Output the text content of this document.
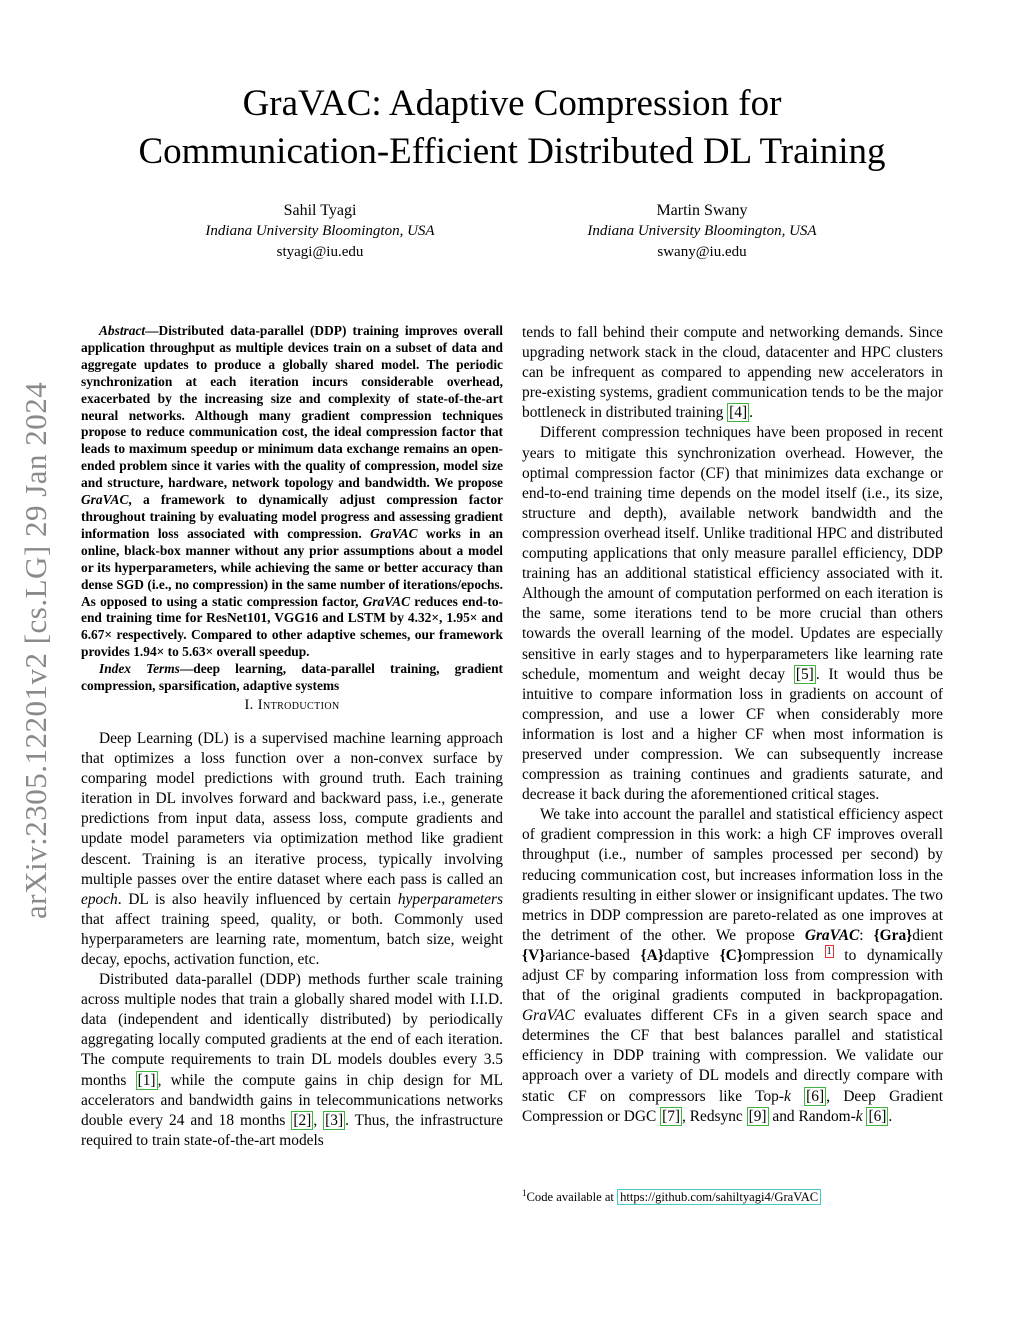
arXiv:2305.12201v2 [cs.LG] 29 Jan 2024
GraVAC: Adaptive Compression for
Communication-Efficient Distributed DL Training
Sahil Tyagi
Indiana University Bloomington, USA
styagi@iu.edu
Martin Swany
Indiana University Bloomington, USA
swany@iu.edu

Abstract—Distributed data-parallel (DDP) training improves overall application throughput as multiple devices train on a subset of data and aggregate updates to produce a globally shared model. The periodic synchronization at each iteration incurs considerable overhead, exacerbated by the increasing size and complexity of state-of-the-art neural networks. Although many gradient compression techniques propose to reduce communication cost, the ideal compression factor that leads to maximum speedup or minimum data exchange remains an open-ended problem since it varies with the quality of compression, model size and structure, hardware, network topology and bandwidth. We propose GraVAC, a framework to dynamically adjust compression factor throughout training by evaluating model progress and assessing gradient information loss associated with compression. GraVAC works in an online, black-box manner without any prior assumptions about a model or its hyperparameters, while achieving the same or better accuracy than dense SGD (i.e., no compression) in the same number of iterations/epochs. As opposed to using a static compression factor, GraVAC reduces end-to-end training time for ResNet101, VGG16 and LSTM by 4.32×, 1.95× and 6.67× respectively. Compared to other adaptive schemes, our framework provides 1.94× to 5.63× overall speedup.

Index Terms—deep learning, data-parallel training, gradient compression, sparsification, adaptive systems

I. Introduction

Deep Learning (DL) is a supervised machine learning approach that optimizes a loss function over a non-convex surface by comparing model predictions with ground truth. Each training iteration in DL involves forward and backward pass, i.e., generate predictions from input data, assess loss, compute gradients and update model parameters via optimization method like gradient descent. Training is an iterative process, typically involving multiple passes over the entire dataset where each pass is called an epoch. DL is also heavily influenced by certain hyperparameters that affect training speed, quality, or both. Commonly used hyperparameters are learning rate, momentum, batch size, weight decay, epochs, activation function, etc.

Distributed data-parallel (DDP) methods further scale training across multiple nodes that train a globally shared model with I.I.D. data (independent and identically distributed) by periodically aggregating locally computed gradients at the end of each iteration. The compute requirements to train DL models doubles every 3.5 months [1] , while the compute gains in chip design for ML accelerators and bandwidth gains in telecommunications networks double every 24 and 18 months [2] , [3] . Thus, the infrastructure required to train state-of-the-art models

tends to fall behind their compute and networking demands. Since upgrading network stack in the cloud, datacenter and HPC clusters can be infrequent as compared to appending new accelerators in pre-existing systems, gradient communication tends to be the major bottleneck in distributed training [4] .

Different compression techniques have been proposed in recent years to mitigate this synchronization overhead. However, the optimal compression factor (CF) that minimizes data exchange or end-to-end training time depends on the model itself (i.e., its size, structure and depth), available network bandwidth and the compression overhead itself. Unlike traditional HPC and distributed computing applications that only measure parallel efficiency, DDP training has an additional statistical efficiency associated with it. Although the amount of computation performed on each iteration is the same, some iterations tend to be more crucial than others towards the overall learning of the model. Updates are especially sensitive in early stages and to hyperparameters like learning rate schedule, momentum and weight decay [5] . It would thus be intuitive to compare information loss in gradients on account of compression, and use a lower CF when considerably more information is lost and a higher CF when most information is preserved under compression. We can subsequently increase compression as training continues and gradients saturate, and decrease it back during the aforementioned critical stages.

We take into account the parallel and statistical efficiency aspect of gradient compression in this work: a high CF improves overall throughput (i.e., number of samples processed per second) by reducing communication cost, but increases information loss in the gradients resulting in either slower or insignificant updates. The two metrics in DDP compression are pareto-related as one improves at the detriment of the other. We propose GraVAC: {Gra}dient {V}ariance-based {A}daptive {C}ompression $^1$ to dynamically adjust CF by comparing information loss from compression with that of the original gradients computed in backpropagation. GraVAC evaluates different CFs in a given search space and determines the CF that best balances parallel and statistical efficiency in DDP training with compression. We validate our approach over a variety of DL models and directly compare with static CF on compressors like Top-k [6] , Deep Gradient Compression or DGC [7] , Redsync [9] and Random-k [6] .

$^1$Code available at https://github.com/sahiltyagi4/GraVAC
